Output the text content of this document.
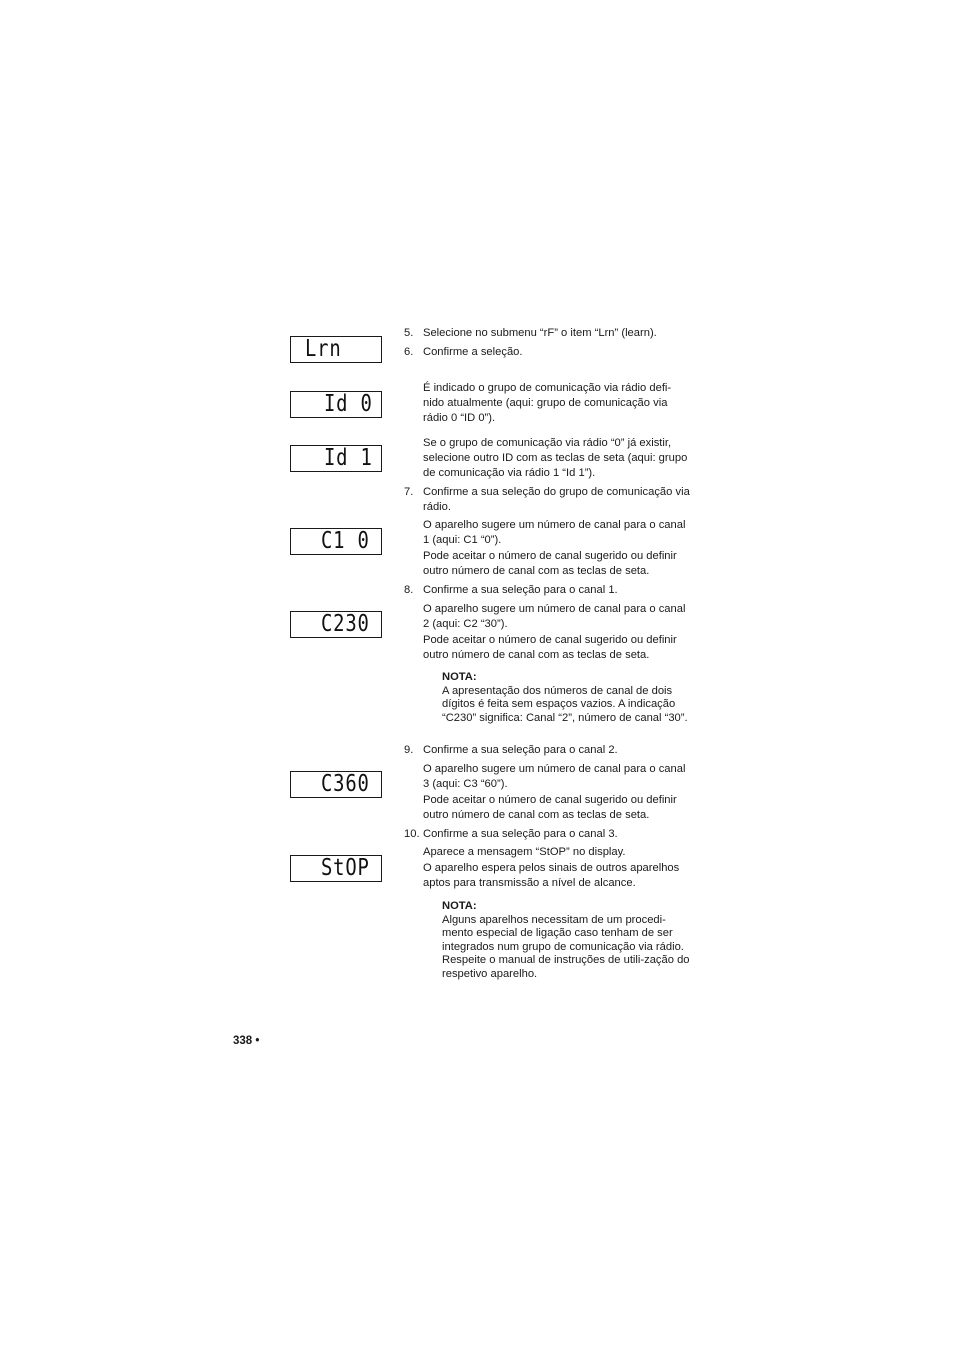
Lrn
Id 0
Id 1
C1 0
C230
C360
StOP
5. Selecione no submenu “rF” o item “Lrn” (learn).
6. Confirme a seleção.
É indicado o grupo de comunicação via rádio defi-nido atualmente (aqui: grupo de comunicação via rádio 0 “ID 0”).
Se o grupo de comunicação via rádio “0” já existir, selecione outro ID com as teclas de seta (aqui: grupo de comunicação via rádio 1 “Id 1”).
7. Confirme a sua seleção do grupo de comunicação via rádio.
O aparelho sugere um número de canal para o canal 1 (aqui: C1 “0”).
Pode aceitar o número de canal sugerido ou definir outro número de canal com as teclas de seta.
8. Confirme a sua seleção para o canal 1.
O aparelho sugere um número de canal para o canal 2 (aqui: C2 “30”).
Pode aceitar o número de canal sugerido ou definir outro número de canal com as teclas de seta.
NOTA:
A apresentação dos números de canal de dois dígitos é feita sem espaços vazios. A indicação “C230” significa: Canal “2”, número de canal “30”.
9. Confirme a sua seleção para o canal 2.
O aparelho sugere um número de canal para o canal 3 (aqui: C3 “60”).
Pode aceitar o número de canal sugerido ou definir outro número de canal com as teclas de seta.
10. Confirme a sua seleção para o canal 3.
Aparece a mensagem “StOP” no display.
O aparelho espera pelos sinais de outros aparelhos aptos para transmissão a nível de alcance.
NOTA:
Alguns aparelhos necessitam de um procedi-mento especial de ligação caso tenham de ser integrados num grupo de comunicação via rádio. Respeite o manual de instruções de utili-zação do respetivo aparelho.
338 •
